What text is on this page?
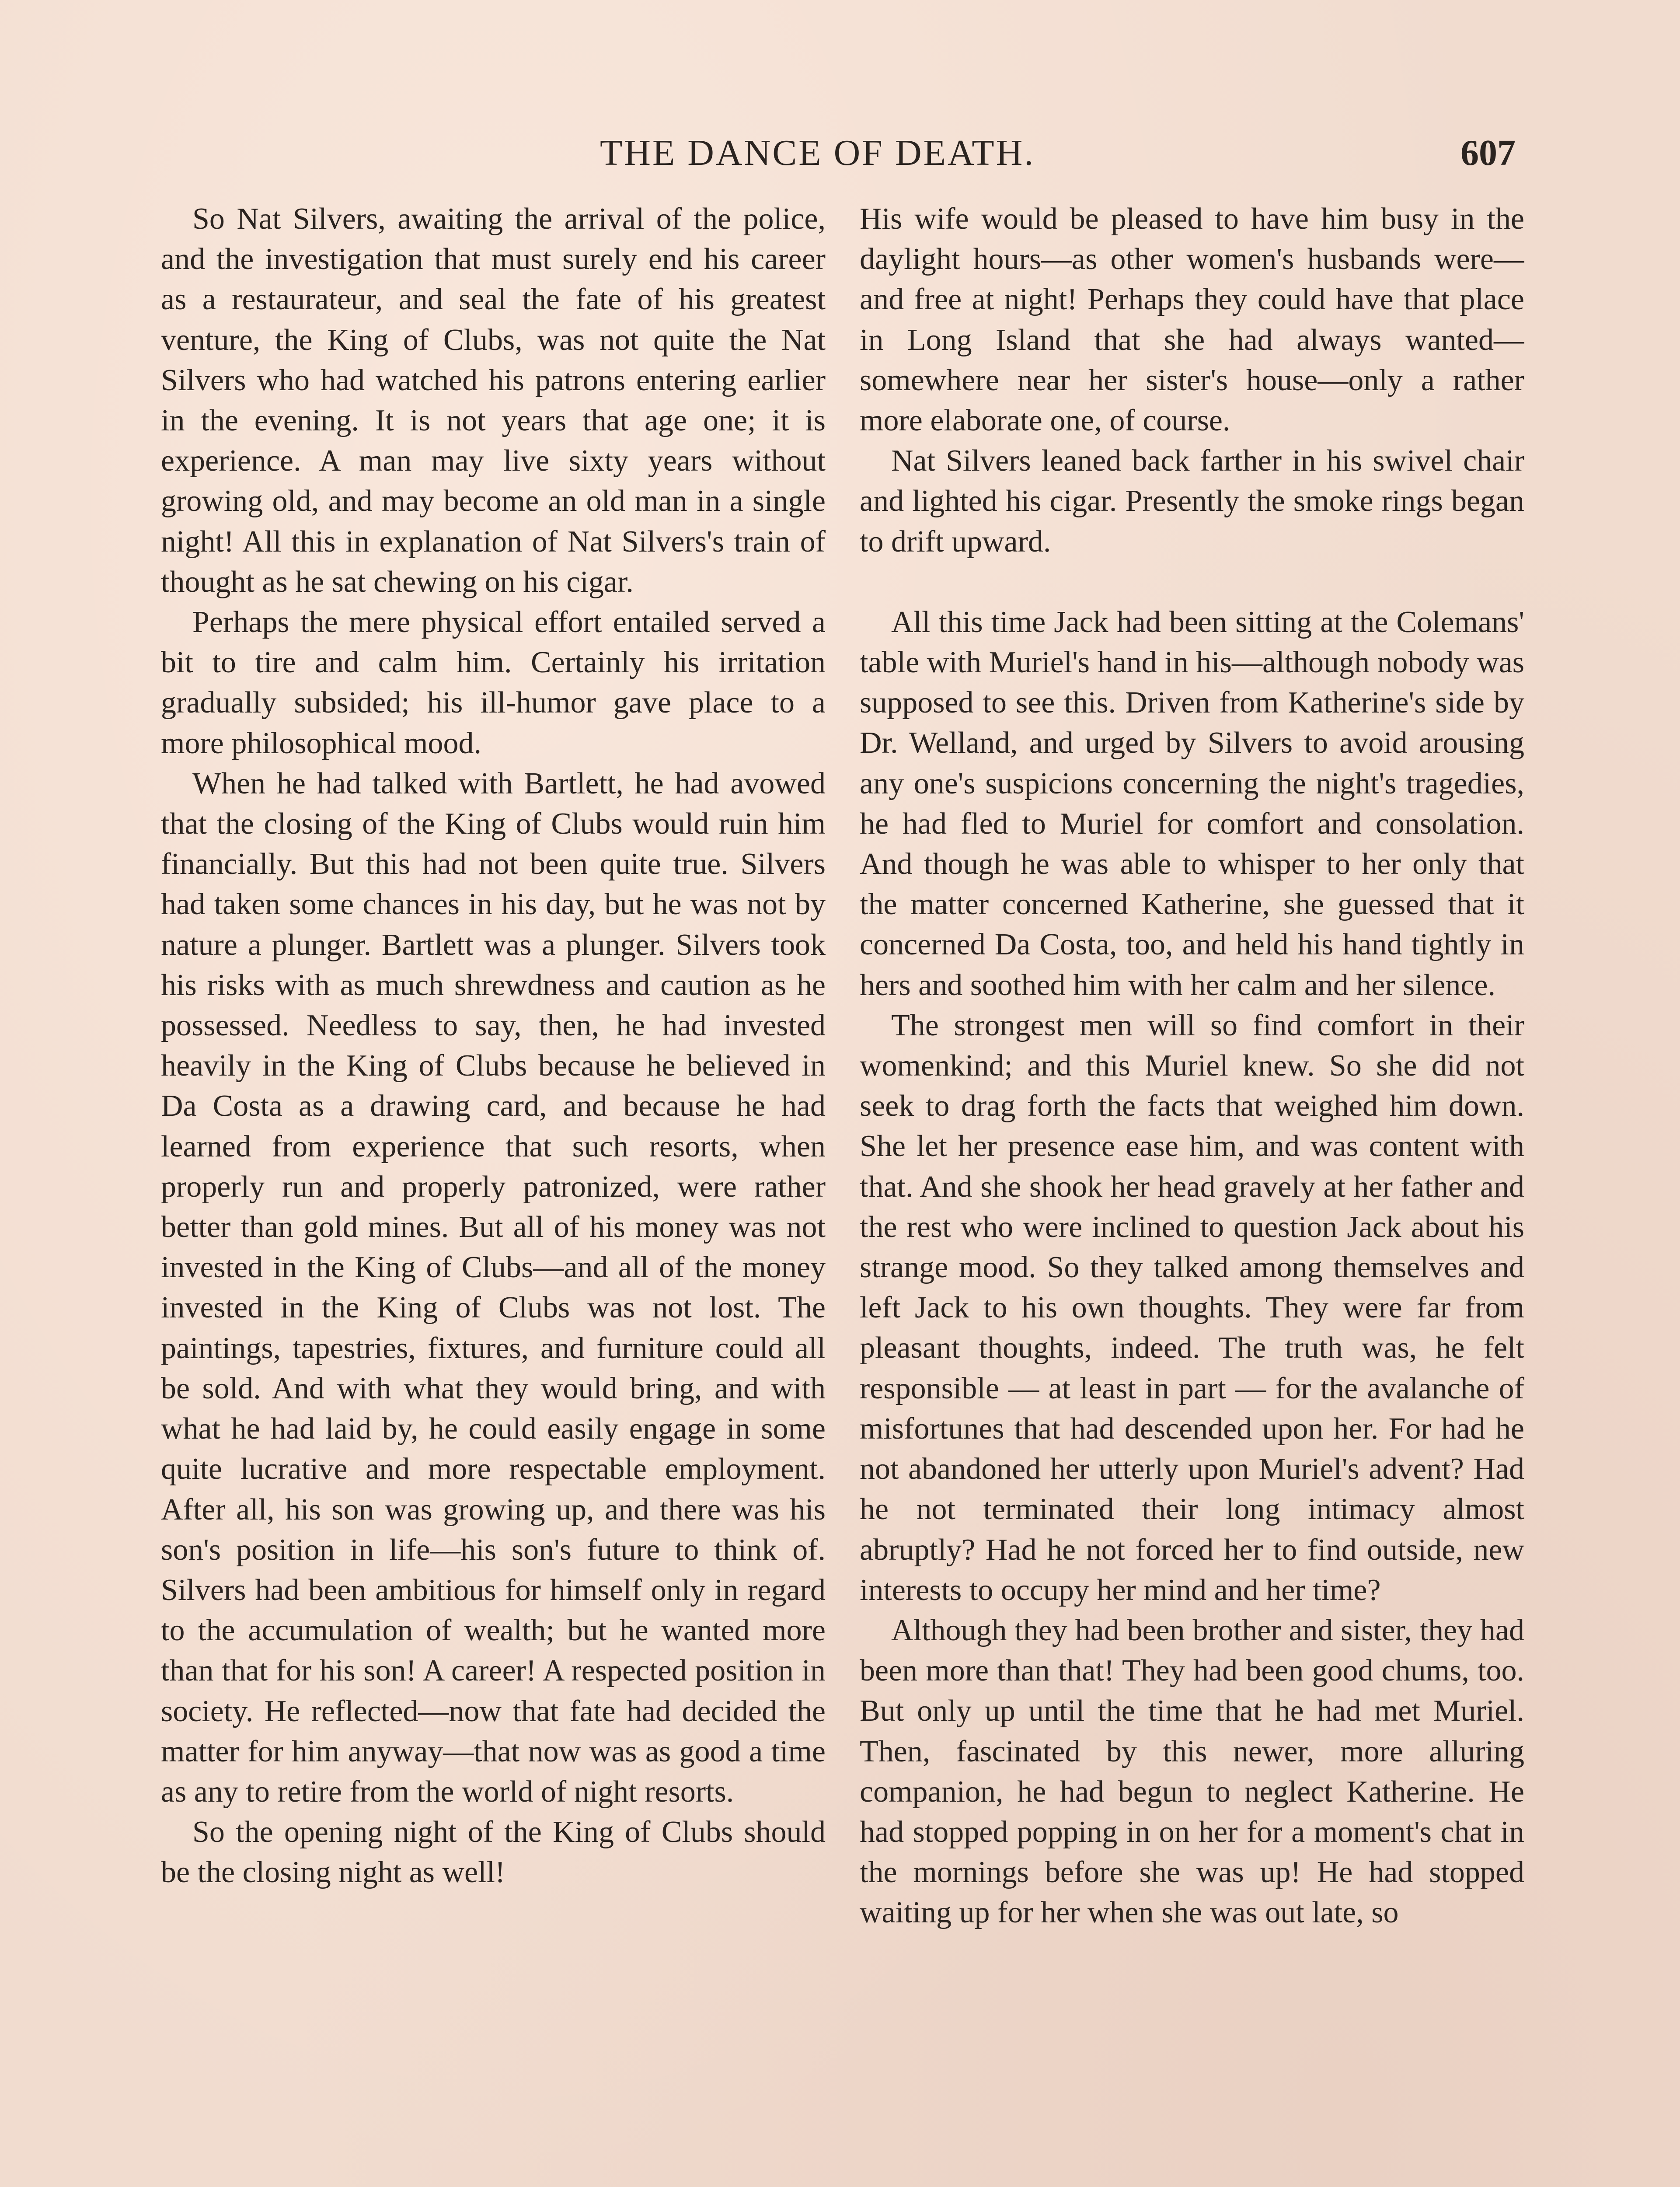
THE DANCE OF DEATH.	607

So Nat Silvers, awaiting the arrival of the police, and the investigation that must surely end his career as a restaurateur, and seal the fate of his greatest venture, the King of Clubs, was not quite the Nat Silvers who had watched his patrons entering earlier in the evening. It is not years that age one; it is experience. A man may live sixty years without growing old, and may become an old man in a single night! All this in explanation of Nat Silvers's train of thought as he sat chewing on his cigar.

Perhaps the mere physical effort entailed served a bit to tire and calm him. Certainly his irritation gradually subsided; his ill-humor gave place to a more philosophical mood.

When he had talked with Bartlett, he had avowed that the closing of the King of Clubs would ruin him financially. But this had not been quite true. Silvers had taken some chances in his day, but he was not by nature a plunger. Bartlett was a plunger. Silvers took his risks with as much shrewdness and caution as he possessed. Needless to say, then, he had invested heavily in the King of Clubs because he believed in Da Costa as a drawing card, and because he had learned from experience that such resorts, when properly run and properly patronized, were rather better than gold mines. But all of his money was not invested in the King of Clubs—and all of the money invested in the King of Clubs was not lost. The paintings, tapestries, fixtures, and furniture could all be sold. And with what they would bring, and with what he had laid by, he could easily engage in some quite lucrative and more respectable employment. After all, his son was growing up, and there was his son's position in life—his son's future to think of. Silvers had been ambitious for himself only in regard to the accumulation of wealth; but he wanted more than that for his son! A career! A respected position in society. He reflected—now that fate had decided the matter for him anyway—that now was as good a time as any to retire from the world of night resorts.

So the opening night of the King of Clubs should be the closing night as well!

His wife would be pleased to have him busy in the daylight hours—as other women's husbands were—and free at night! Perhaps they could have that place in Long Island that she had always wanted—somewhere near her sister's house—only a rather more elaborate one, of course.

Nat Silvers leaned back farther in his swivel chair and lighted his cigar. Presently the smoke rings began to drift upward.

All this time Jack had been sitting at the Colemans' table with Muriel's hand in his—although nobody was supposed to see this. Driven from Katherine's side by Dr. Welland, and urged by Silvers to avoid arousing any one's suspicions concerning the night's tragedies, he had fled to Muriel for comfort and consolation. And though he was able to whisper to her only that the matter concerned Katherine, she guessed that it concerned Da Costa, too, and held his hand tightly in hers and soothed him with her calm and her silence.

The strongest men will so find comfort in their womenkind; and this Muriel knew. So she did not seek to drag forth the facts that weighed him down. She let her presence ease him, and was content with that. And she shook her head gravely at her father and the rest who were inclined to question Jack about his strange mood. So they talked among themselves and left Jack to his own thoughts. They were far from pleasant thoughts, indeed. The truth was, he felt responsible — at least in part — for the avalanche of misfortunes that had descended upon her. For had he not abandoned her utterly upon Muriel's advent? Had he not terminated their long intimacy almost abruptly? Had he not forced her to find outside, new interests to occupy her mind and her time?

Although they had been brother and sister, they had been more than that! They had been good chums, too. But only up until the time that he had met Muriel. Then, fascinated by this newer, more alluring companion, he had begun to neglect Katherine. He had stopped popping in on her for a moment's chat in the mornings before she was up! He had stopped waiting up for her when she was out late, so
